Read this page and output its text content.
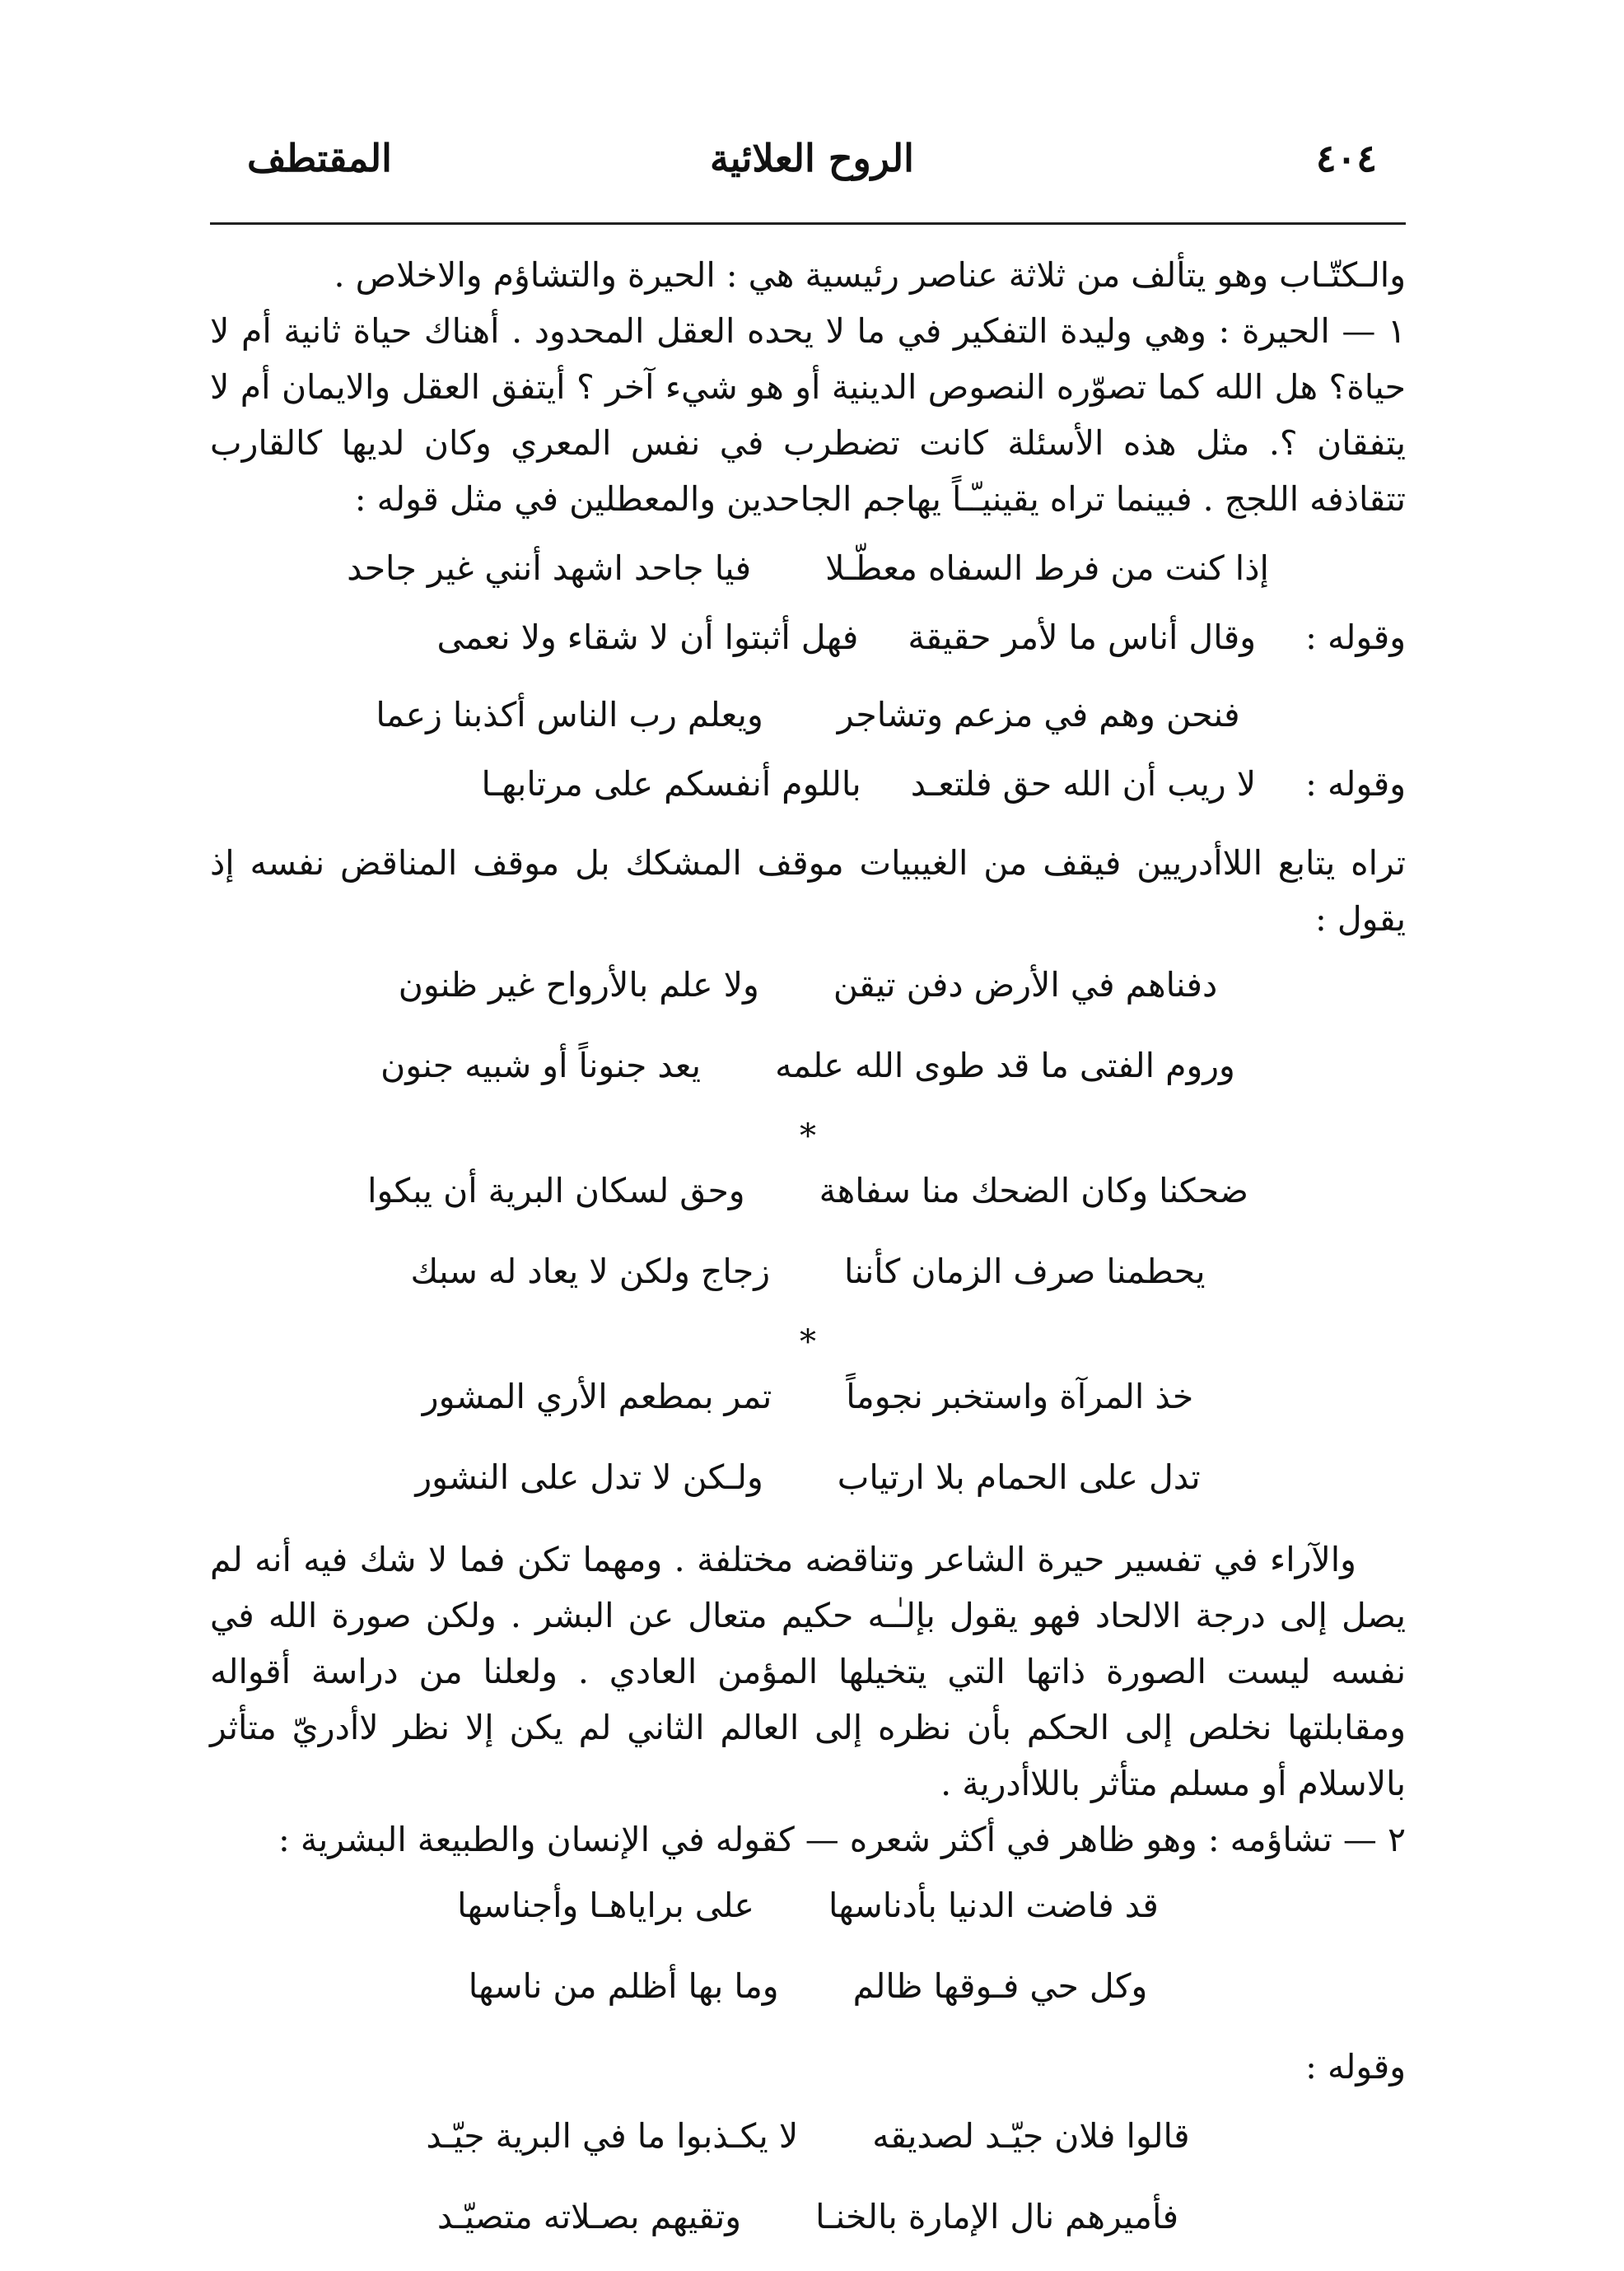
٤٠٤
الروح العلائية
المقتطف

والـكتّـاب وهو يتألف من ثلاثة عناصر رئيسية هي : الحيرة والتشاؤم والاخلاص .

١ — الحيرة : وهي وليدة التفكير في ما لا يحده العقل المحدود . أهناك حياة ثانية أم لا حياة؟ هل الله كما تصوّره النصوص الدينية أو هو شيء آخر ؟ أيتفق العقل والايمان أم لا يتفقان ؟. مثل هذه الأسئلة كانت تضطرب في نفس المعري وكان لديها كالقارب تتقاذفه اللجج . فبينما تراه يقينيـّـاً يهاجم الجاحدين والمعطلين في مثل قوله :

إذا كنت من فرط السفاه معطّـلا
فيا جاحد اشهد أنني غير جاحد
وقوله :
وقال أناس ما لأمر حقيقة
فهل أثبتوا أن لا شقاء ولا نعمى
فنحن وهم في مزعم وتشاجر
ويعلم رب الناس أكذبنا زعما
وقوله :
لا ريب أن الله حق فلتعـد
باللوم أنفسكم على مرتابهـا

تراه يتابع اللاأدريين فيقف من الغيبيات موقف المشكك بل موقف المناقض نفسه إذ يقول :

دفناهم في الأرض دفن تيقن
ولا علم بالأرواح غير ظنون
وروم الفتى ما قد طوى الله علمه
يعد جنوناً أو شبيه جنون
*
ضحكنا وكان الضحك منا سفاهة
وحق لسكان البرية أن يبكوا
يحطمنا صرف الزمان كأننا
زجاج ولكن لا يعاد له سبك
*
خذ المرآة واستخبر نجوماً
تمر بمطعم الأري المشور
تدل على الحمام بلا ارتياب
ولـكن لا تدل على النشور

والآراء في تفسير حيرة الشاعر وتناقضه مختلفة . ومهما تكن فما لا شك فيه أنه لم يصل إلى درجة الالحاد فهو يقول بإلـٰـه حكيم متعال عن البشر . ولكن صورة الله في نفسه ليست الصورة ذاتها التي يتخيلها المؤمن العادي . ولعلنا من دراسة أقواله ومقابلتها نخلص إلى الحكم بأن نظره إلى العالم الثاني لم يكن إلا نظر لاأدريّ متأثر بالاسلام أو مسلم متأثر باللاأدرية .

٢ — تشاؤمه : وهو ظاهر في أكثر شعره — كقوله في الإنسان والطبيعة البشرية :

قد فاضت الدنيا بأدناسها
على براياهـا وأجناسها
وكل حي فـوقها ظالم
وما بها أظلم من ناسها
وقوله :
قالوا فلان جيّـد لصديقه
لا يكـذبوا ما في البرية جيّـد
فأميرهم نال الإمارة بالخنـا
وتقيهم بصـلاته متصيّـد
